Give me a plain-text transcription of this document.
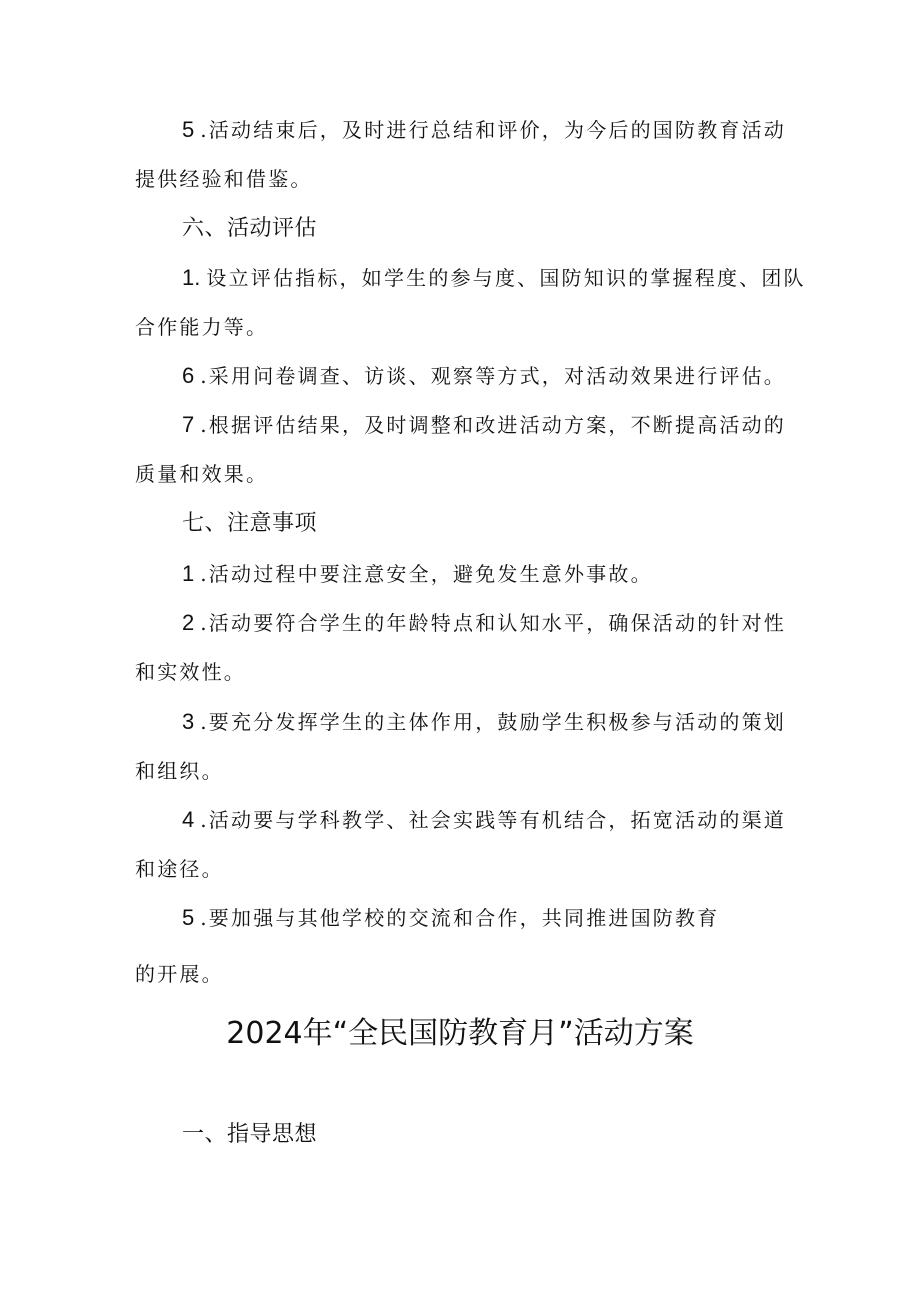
5 .活动结束后，及时进行总结和评价，为今后的国防教育活动
提供经验和借鉴。
六、活动评估
1. 设立评估指标，如学生的参与度、国防知识的掌握程度、团队
合作能力等。
6 .采用问卷调查、访谈、观察等方式，对活动效果进行评估。
7 .根据评估结果，及时调整和改进活动方案，不断提高活动的
质量和效果。
七、注意事项
1 .活动过程中要注意安全，避免发生意外事故。
2 .活动要符合学生的年龄特点和认知水平，确保活动的针对性
和实效性。
3 .要充分发挥学生的主体作用，鼓励学生积极参与活动的策划
和组织。
4 .活动要与学科教学、社会实践等有机结合，拓宽活动的渠道
和途径。
5 .要加强与其他学校的交流和合作，共同推进国防教育
的开展。
2024年“全民国防教育月”活动方案
一、指导思想
